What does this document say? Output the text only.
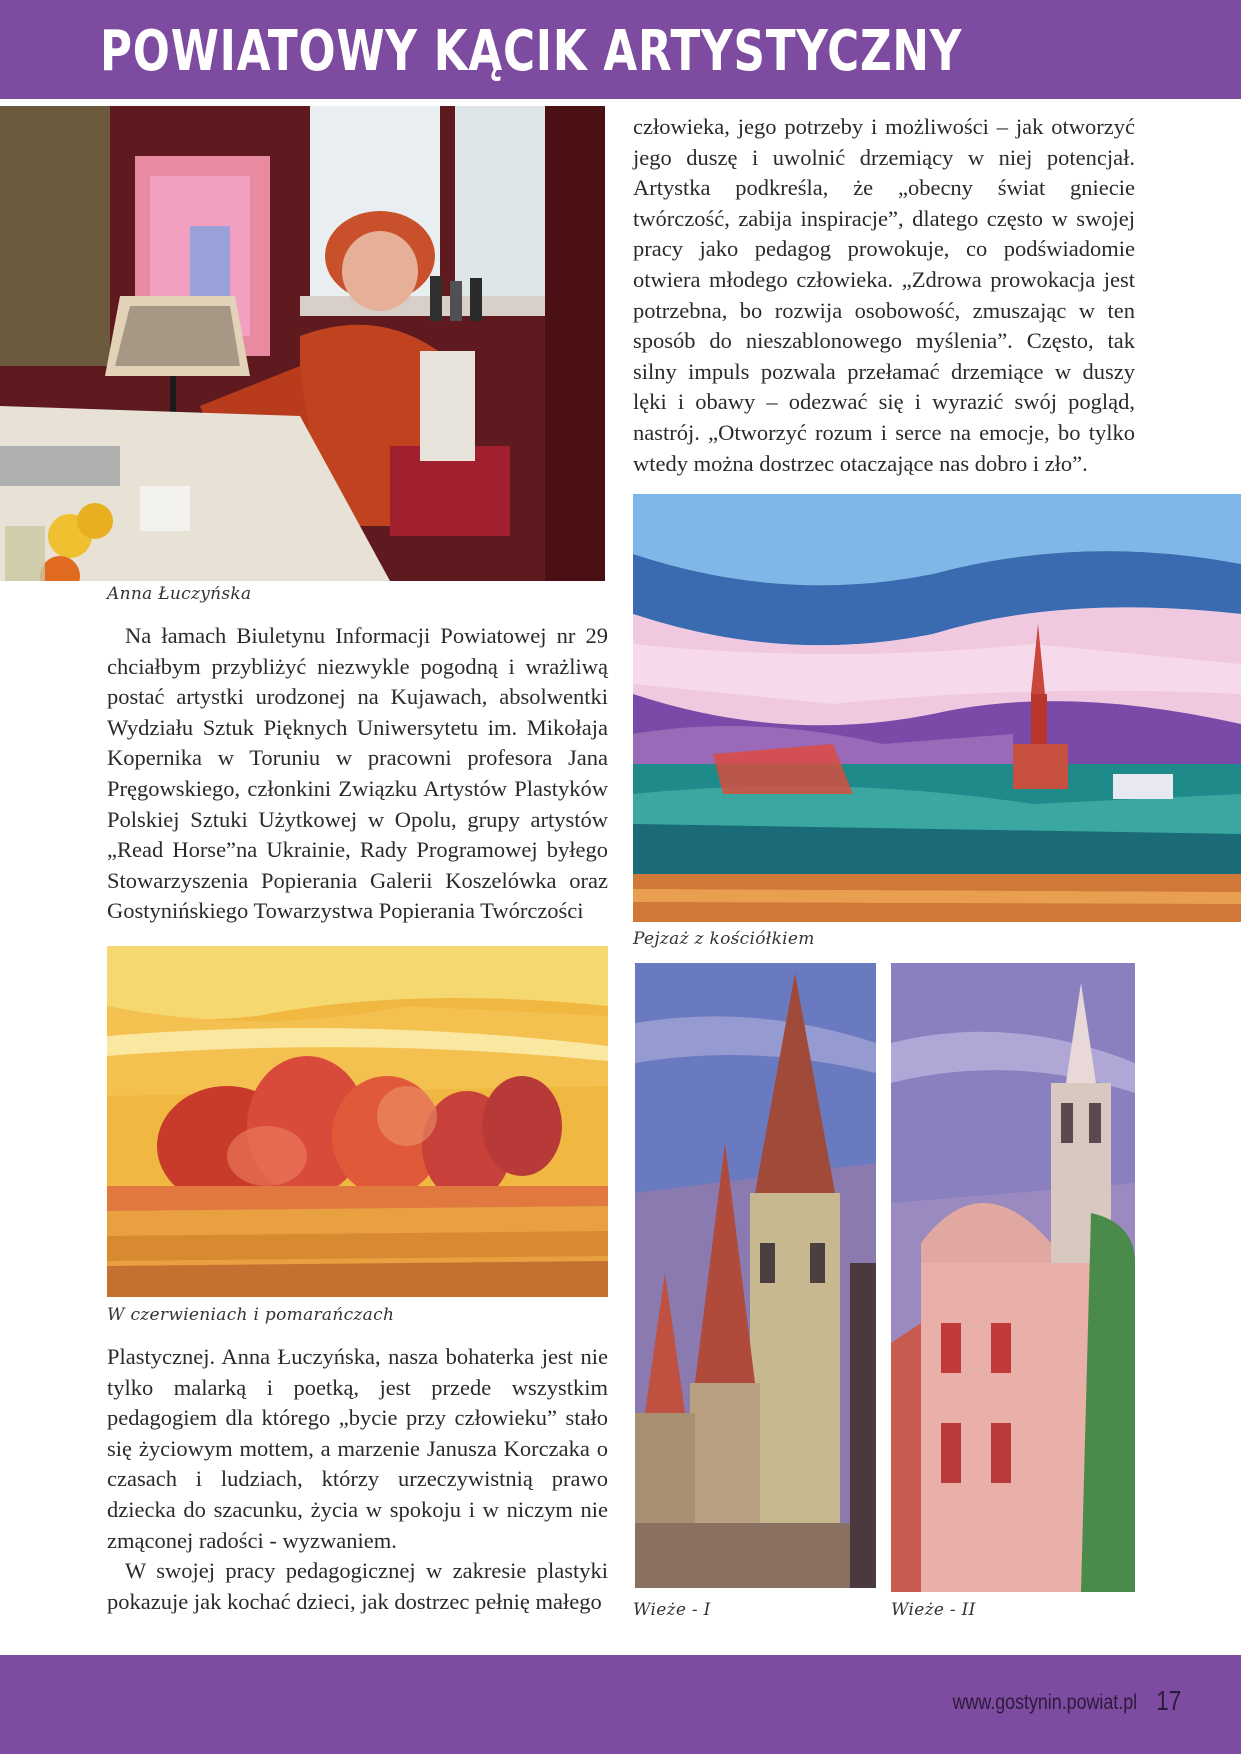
POWIATOWY KĄCIK ARTYSTYCZNY
Anna Łuczyńska

człowieka, jego potrzeby i możliwości – jak otworzyć jego duszę i uwolnić drzemiący w niej potencjał. Artystka podkreśla, że „obecny świat gniecie twórczość, zabija inspiracje”, dlatego często w swojej pracy jako pedagog prowokuje, co podświadomie otwiera młodego człowieka. „Zdrowa prowokacja jest potrzebna, bo rozwija osobowość, zmuszając w ten sposób do nieszablonowego myślenia”. Często, tak silny impuls pozwala przełamać drzemiące w duszy lęki i obawy – odezwać się i wyrazić swój pogląd, nastrój. „Otworzyć rozum i serce na emocje, bo tylko wtedy można dostrzec otaczające nas dobro i zło”.

Pejzaż z kościółkiem

Na łamach Biuletynu Informacji Powiatowej nr 29 chciałbym przybliżyć niezwykle pogodną i wrażliwą postać artystki urodzonej na Kujawach, absolwentki Wydziału Sztuk Pięknych Uniwersytetu im. Mikołaja Kopernika w Toruniu w pracowni profesora Jana Pręgowskiego, członkini Związku Artystów Plastyków Polskiej Sztuki Użytkowej w Opolu, grupy artystów „Read Horse”na Ukrainie, Rady Programowej byłego Stowarzyszenia Popierania Galerii Koszelówka oraz Gostynińskiego Towarzystwa Popierania Twórczości

W czerwieniach i pomarańczach

Plastycznej. Anna Łuczyńska, nasza bohaterka jest nie tylko malarką i poetką, jest przede wszystkim pedagogiem dla którego „bycie przy człowieku” stało się życiowym mottem, a marzenie Janusza Korczaka o czasach i ludziach, którzy urzeczywistnią prawo dziecka do szacunku, życia w spokoju i w niczym nie zmąconej radości - wyzwaniem.

W swojej pracy pedagogicznej w zakresie plastyki pokazuje jak kochać dzieci, jak dostrzec pełnię małego	Wieże - I	Wieże - II
www.gostynin.powiat.pl 17
